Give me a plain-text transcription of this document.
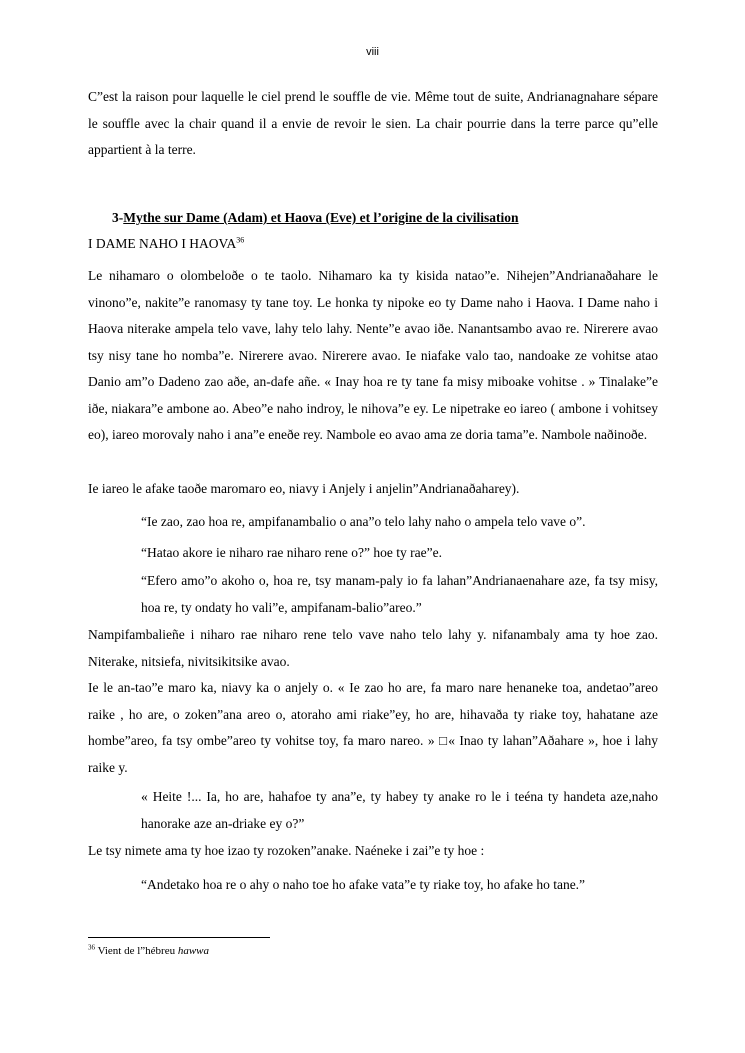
viii
C”est la raison pour laquelle le ciel prend le souffle de vie. Même tout de suite, Andrianagnahare sépare le souffle avec la chair quand il a envie de revoir le sien. La chair pourrie dans la terre parce qu”elle appartient à la terre.
3-Mythe sur Dame (Adam) et Haova (Eve) et l’origine de la civilisation
I DAME NAHO I HAOVA$^{36}$
Le nihamaro o olombeloðe o te taolo. Nihamaro ka ty kisida natao”e. Nihejen”Andrianaðahare le vinono”e, nakite”e ranomasy ty tane toy. Le honka ty nipoke eo ty Dame naho i Haova. I Dame naho i Haova niterake ampela telo vave, lahy telo lahy. Nente”e avao iðe. Nanantsambo avao re. Nirerere avao tsy nisy tane ho nomba”e. Nirerere avao. Nirerere avao. Ie niafake valo tao, nandoake ze vohitse atao Danio am”o Dadeno zao aðe, an-dafe añe. « Inay hoa re ty tane fa misy miboake vohitse . » Tinalake”e iðe, niakara”e ambone ao. Abeo”e naho indroy, le nihova”e ey. Le nipetrake eo iareo ( ambone i vohitsey eo), iareo morovaly naho i ana”e eneðe rey. Nambole eo avao ama ze doria tama”e. Nambole naðinoðe.
Ie iareo le afake taoðe maromaro eo, niavy i Anjely i anjelin”Andrianaðaharey).
“Ie zao, zao hoa re, ampifanambalio o ana”o telo lahy naho o ampela telo vave o”.
“Hatao akore ie niharo rae niharo rene o?” hoe ty rae”e.
“Efero amo”o akoho o, hoa re, tsy manam-paly io fa lahan”Andrianaenahare aze, fa tsy misy, hoa re, ty ondaty ho vali”e, ampifanam-balio”areo.”
Nampifambalieñe i niharo rae niharo rene telo vave naho telo lahy y. nifanambaly ama ty hoe zao. Niterake, nitsiefa, nivitsikitsike avao.
Ie le an-tao”e maro ka, niavy ka o anjely o. « Ie zao ho are, fa maro nare henaneke toa, andetao”areo raike , ho are, o zoken”ana areo o, atoraho ami riake”ey, ho are, hihavaða ty riake toy, hahatane aze hombe”areo, fa tsy ombe”areo ty vohitse toy, fa maro nareo. » □« Inao ty lahan”Aðahare », hoe i lahy raike y.
« Heite !... Ia, ho are, hahafoe ty ana”e, ty habey ty anake ro le i teéna ty handeta aze,naho hanorake aze an-driake ey o?”
Le tsy nimete ama ty hoe izao ty rozoken”anake. Naéneke i zai”e ty hoe :
“Andetako hoa re o ahy o naho toe ho afake vata”e ty riake toy, ho afake ho tane.”
$^{36}$ Vient de l”hébreu hawwa
